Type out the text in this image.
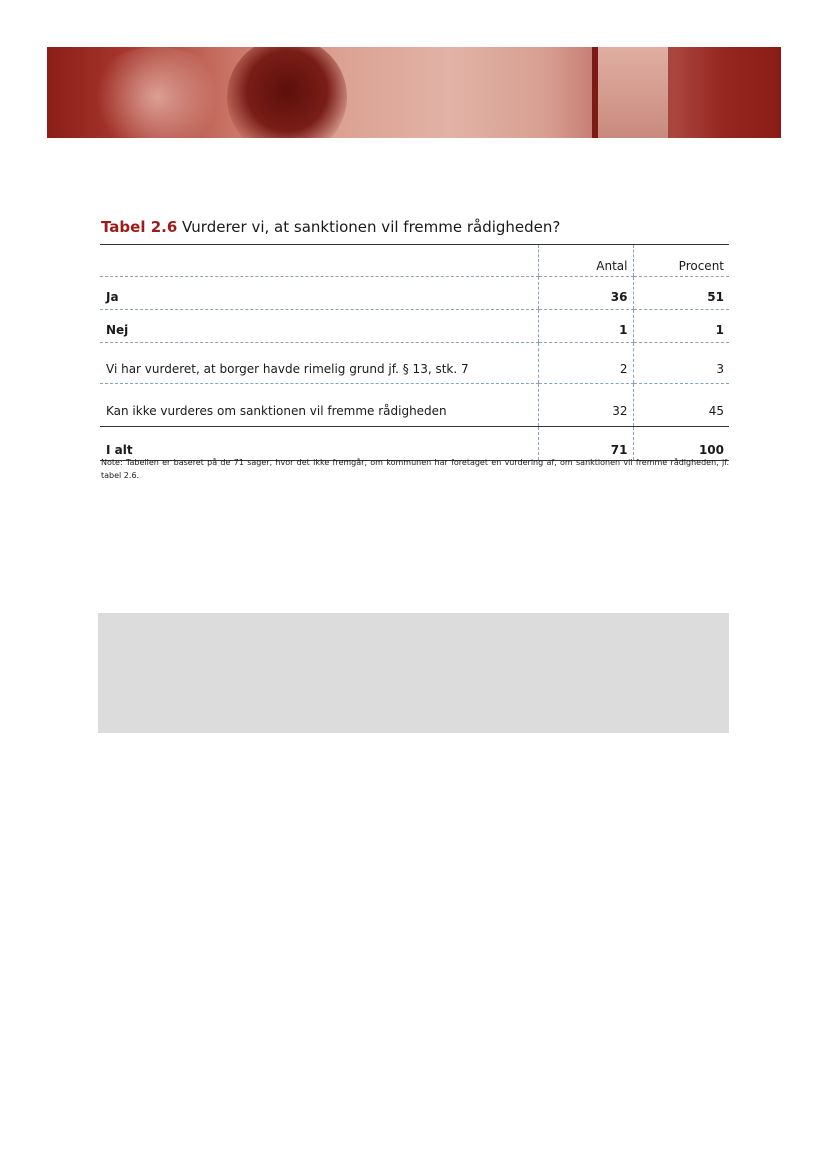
Tabel 2.6 Vurderer vi, at sanktionen vil fremme rådigheden?
	Antal	Procent
Ja	36	51
Nej	1	1
Vi har vurderet, at borger havde rimelig grund jf. § 13, stk. 7	2	3
Kan ikke vurderes om sanktionen vil fremme rådigheden	32	45
I alt	71	100
Note: Tabellen er baseret på de 71 sager, hvor det ikke fremgår, om kommunen har foretaget en vurdering af, om sanktionen vil fremme rådigheden, jf. tabel 2.6.
